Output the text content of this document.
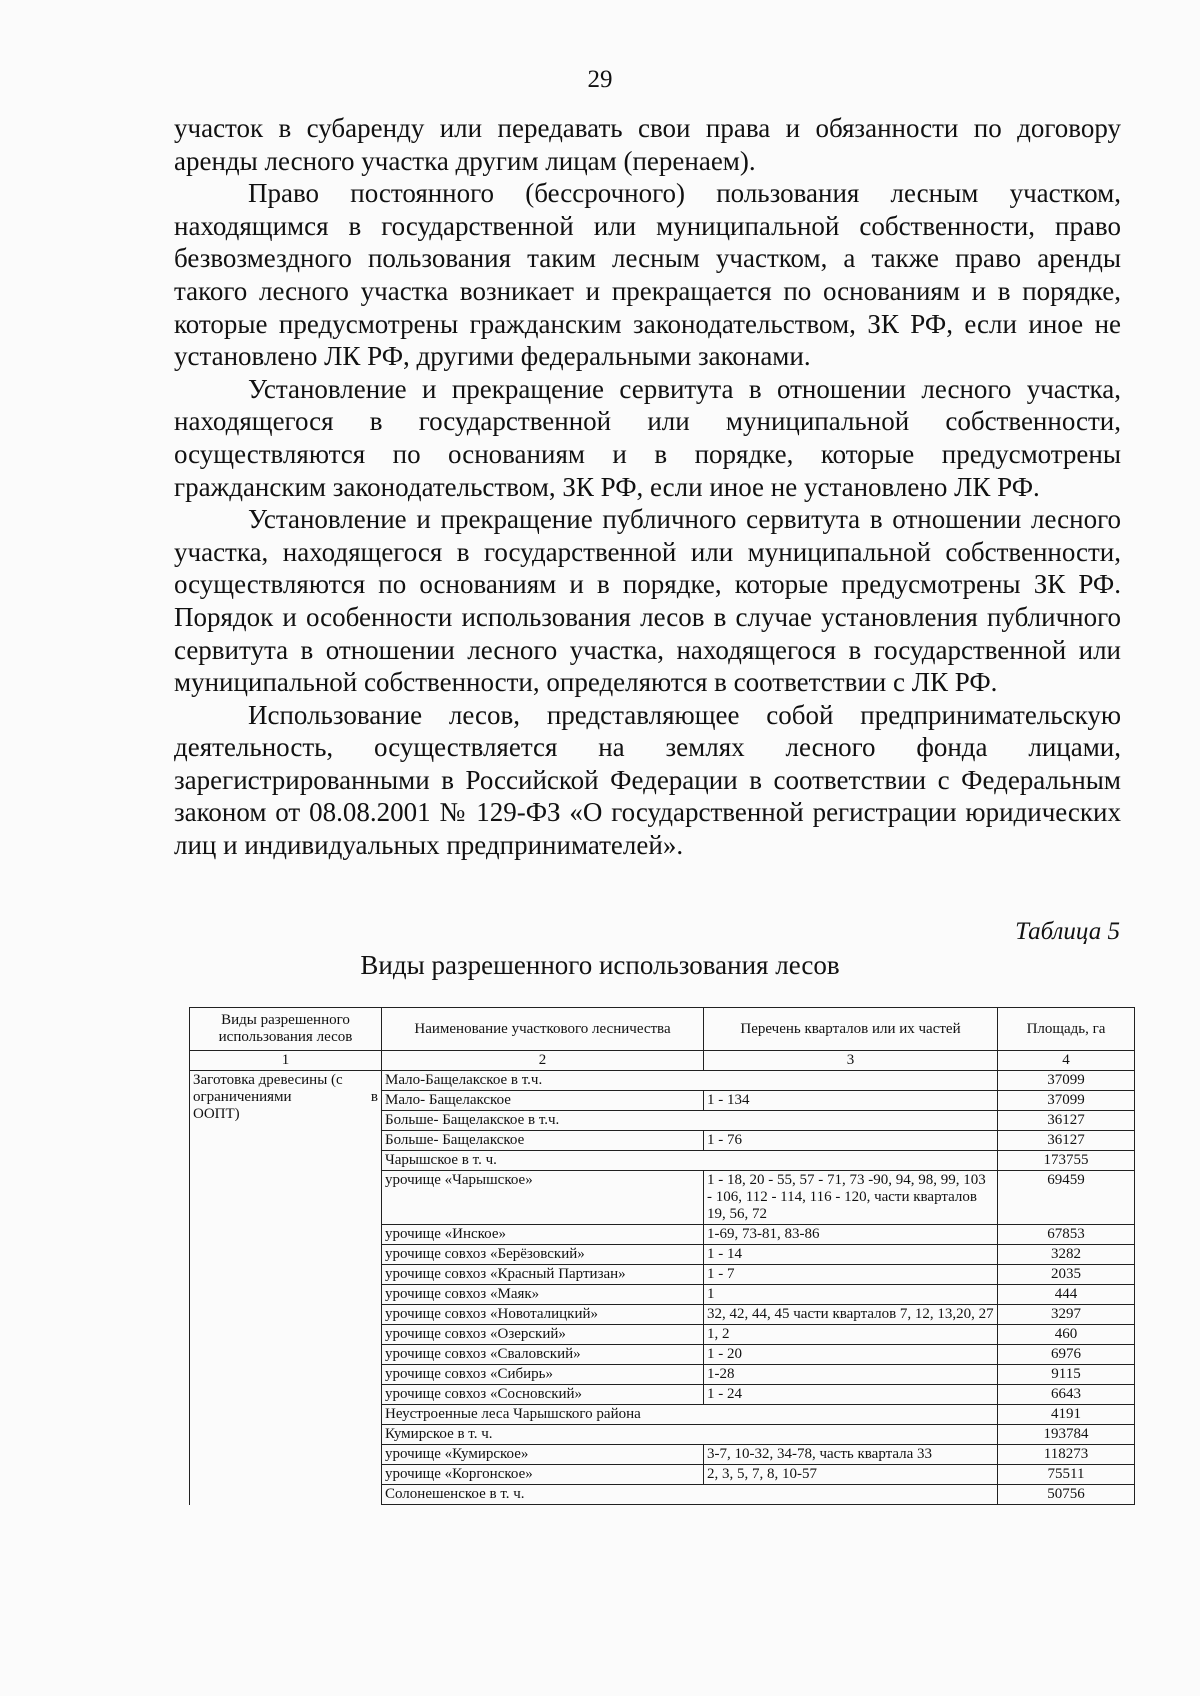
29

участок в субаренду или передавать свои права и обязанности по договору аренды лесного участка другим лицам (перенаем).

Право постоянного (бессрочного) пользования лесным участком, находящимся в государственной или муниципальной собственности, право безвозмездного пользования таким лесным участком, а также право аренды такого лесного участка возникает и прекращается по основаниям и в порядке, которые предусмотрены гражданским законодательством, ЗК РФ, если иное не установлено ЛК РФ, другими федеральными законами.

Установление и прекращение сервитута в отношении лесного участка, находящегося в государственной или муниципальной собственности, осуществляются по основаниям и в порядке, которые предусмотрены гражданским законодательством, ЗК РФ, если иное не установлено ЛК РФ.

Установление и прекращение публичного сервитута в отношении лесного участка, находящегося в государственной или муниципальной собственности, осуществляются по основаниям и в порядке, которые предусмотрены ЗК РФ. Порядок и особенности использования лесов в случае установления публичного сервитута в отношении лесного участка, находящегося в государственной или муниципальной собственности, определяются в соответствии с ЛК РФ.

Использование лесов, представляющее собой предпринимательскую деятельность, осуществляется на землях лесного фонда лицами, зарегистрированными в Российской Федерации в соответствии с Федеральным законом от 08.08.2001 № 129-ФЗ «О государственной регистрации юридических лиц и индивидуальных предпринимателей».

Таблица 5
Виды разрешенного использования лесов
Виды разрешенного использования лесов	Наименование участкового лесничества	Перечень кварталов или их частей	Площадь, га
1	2	3	4

Заготовка древесины (с ограничениями в
ООПТ)	Мало-Бащелакское в т.ч.		37099
	Мало- Бащелакское	1 - 134	37099
	Больше- Бащелакское в т.ч.		36127
	Больше- Бащелакское	1 - 76	36127
	Чарышское в т. ч.		173755
	урочище «Чарышское»	1 - 18, 20 - 55, 57 - 71, 73 -90, 94, 98, 99, 103 - 106, 112 - 114, 116 - 120, части кварталов 19, 56, 72	69459
	урочище «Инское»	1-69, 73-81, 83-86	67853
	урочище совхоз «Берёзовский»	1 - 14	3282
	урочище совхоз «Красный Партизан»	1 - 7	2035
	урочище совхоз «Маяк»	1	444
	урочище совхоз «Новоталицкий»	32, 42, 44, 45 части кварталов 7, 12, 13,20, 27	3297
	урочище совхоз «Озерский»	1, 2	460
	урочище совхоз «Сваловский»	1 - 20	6976
	урочище совхоз «Сибирь»	1-28	9115
	урочище совхоз «Сосновский»	1 - 24	6643
	Неустроенные леса Чарышского района		4191
	Кумирское в т. ч.		193784
	урочище «Кумирское»	3-7, 10-32, 34-78, часть квартала 33	118273
	урочище «Коргонское»	2, 3, 5, 7, 8, 10-57	75511
	Солонешенское в т. ч.		50756
